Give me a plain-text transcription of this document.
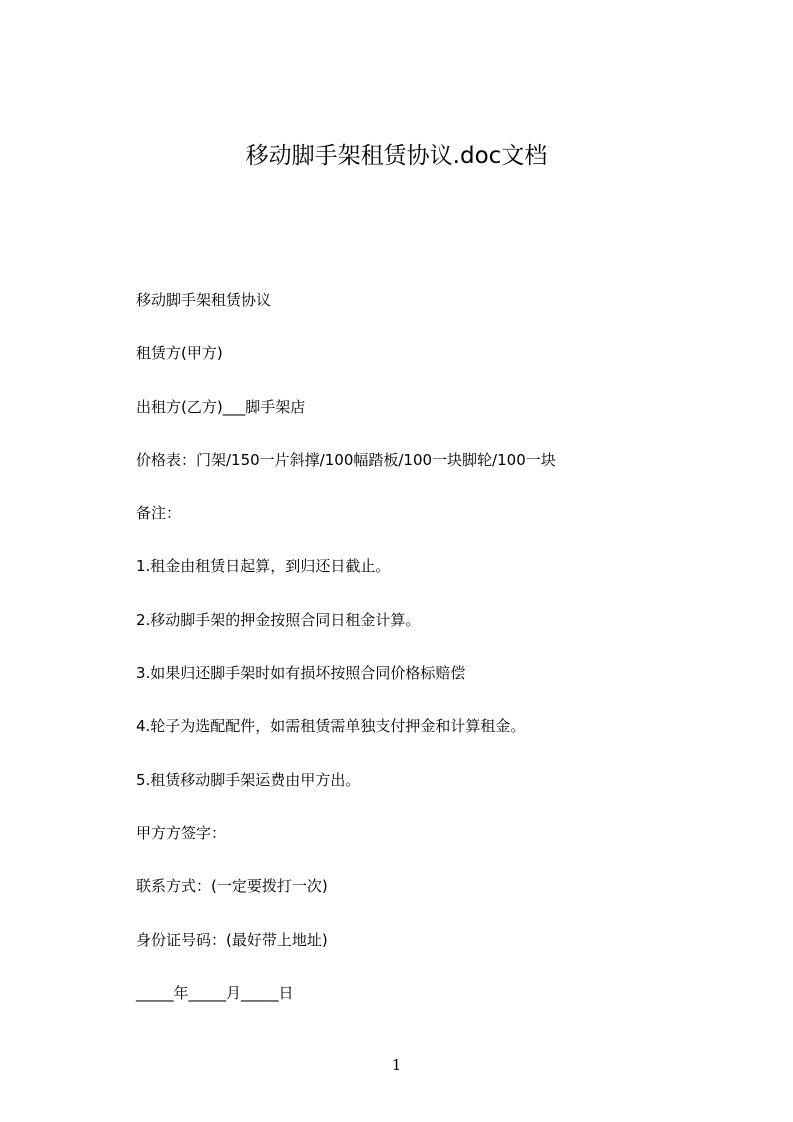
移动脚手架租赁协议.doc文档
移动脚手架租赁协议
租赁方(甲方)
出租方(乙方)___脚手架店
价格表：门架/150一片斜撑/100幅踏板/100一块脚轮/100一块
备注：
1.租金由租赁日起算，到归还日截止。
2.移动脚手架的押金按照合同日租金计算。
3.如果归还脚手架时如有损坏按照合同价格标赔偿
4.轮子为选配配件，如需租赁需单独支付押金和计算租金。
5.租赁移动脚手架运费由甲方出。
甲方方签字：
联系方式：(一定要拨打一次)
身份证号码：(最好带上地址)
_____年_____月_____日
1
